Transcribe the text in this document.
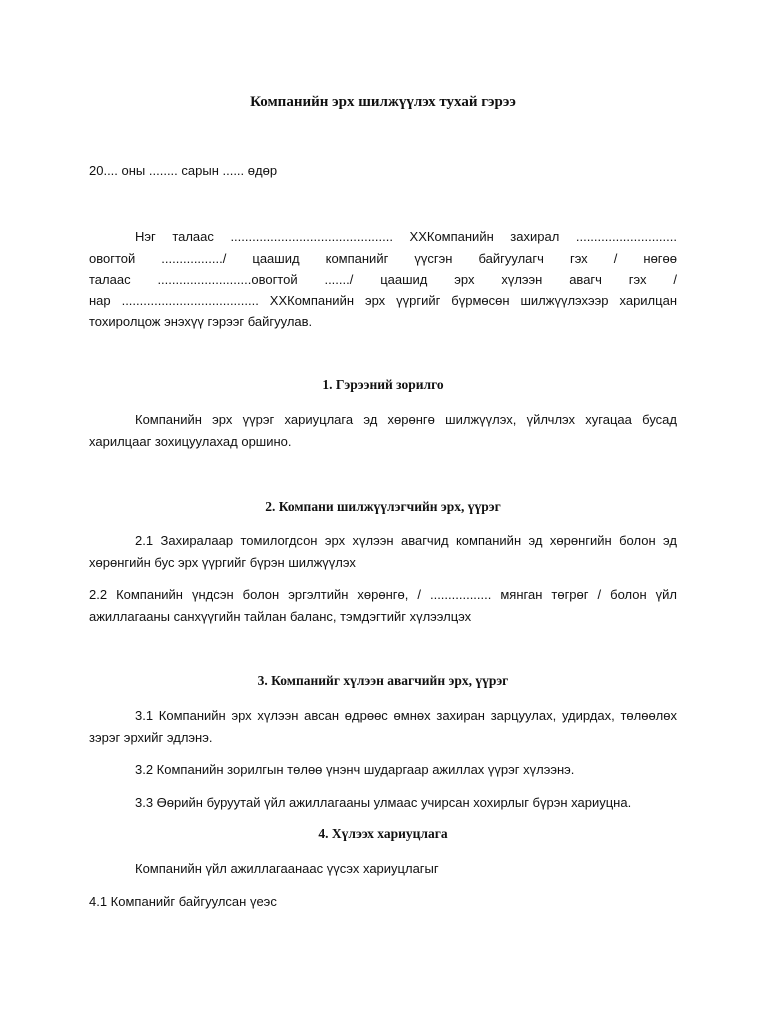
Компанийн эрх шилжүүлэх тухай гэрээ
20.... оны ........ сарын ...... өдөр
Нэг талаас ............................................. XXКомпанийн захирал ............................
овогтой ................./ цаашид компанийг үүсгэн байгуулагч гэх / нөгөө
талаас ..........................овогтой ......./ цаашид эрх хүлээн авагч гэх /
нар ...................................... XXКомпанийн эрх үүргийг бүрмөсөн шилжүүлэхээр харилцан
тохиролцож энэхүү гэрээг байгуулав.
1. Гэрээний зорилго
Компанийн эрх үүрэг хариуцлага эд хөрөнгө шилжүүлэх, үйлчлэх хугацаа бусад харилцааг зохицуулахад оршино.
2. Компани шилжүүлэгчийн эрх, үүрэг
2.1 Захиралаар томилогдсон эрх хүлээн авагчид компанийн эд хөрөнгийн болон эд хөрөнгийн бус эрх үүргийг бүрэн шилжүүлэх
2.2 Компанийн үндсэн болон эргэлтийн хөрөнгө, / ................. мянган төгрөг / болон үйл ажиллагааны санхүүгийн тайлан баланс, тэмдэгтийг хүлээлцэх
3. Компанийг хүлээн авагчийн эрх, үүрэг
3.1 Компанийн эрх хүлээн авсан өдрөөс өмнөх захиран зарцуулах, удирдах, төлөөлөх зэрэг эрхийг эдлэнэ.
3.2 Компанийн зорилгын төлөө үнэнч шударгаар ажиллах үүрэг хүлээнэ.
3.3 Өөрийн буруутай үйл ажиллагааны улмаас учирсан хохирлыг бүрэн хариуцна.
4. Хүлээх хариуцлага
Компанийн үйл ажиллагаанаас үүсэх хариуцлагыг
4.1 Компанийг байгуулсан үеэс
